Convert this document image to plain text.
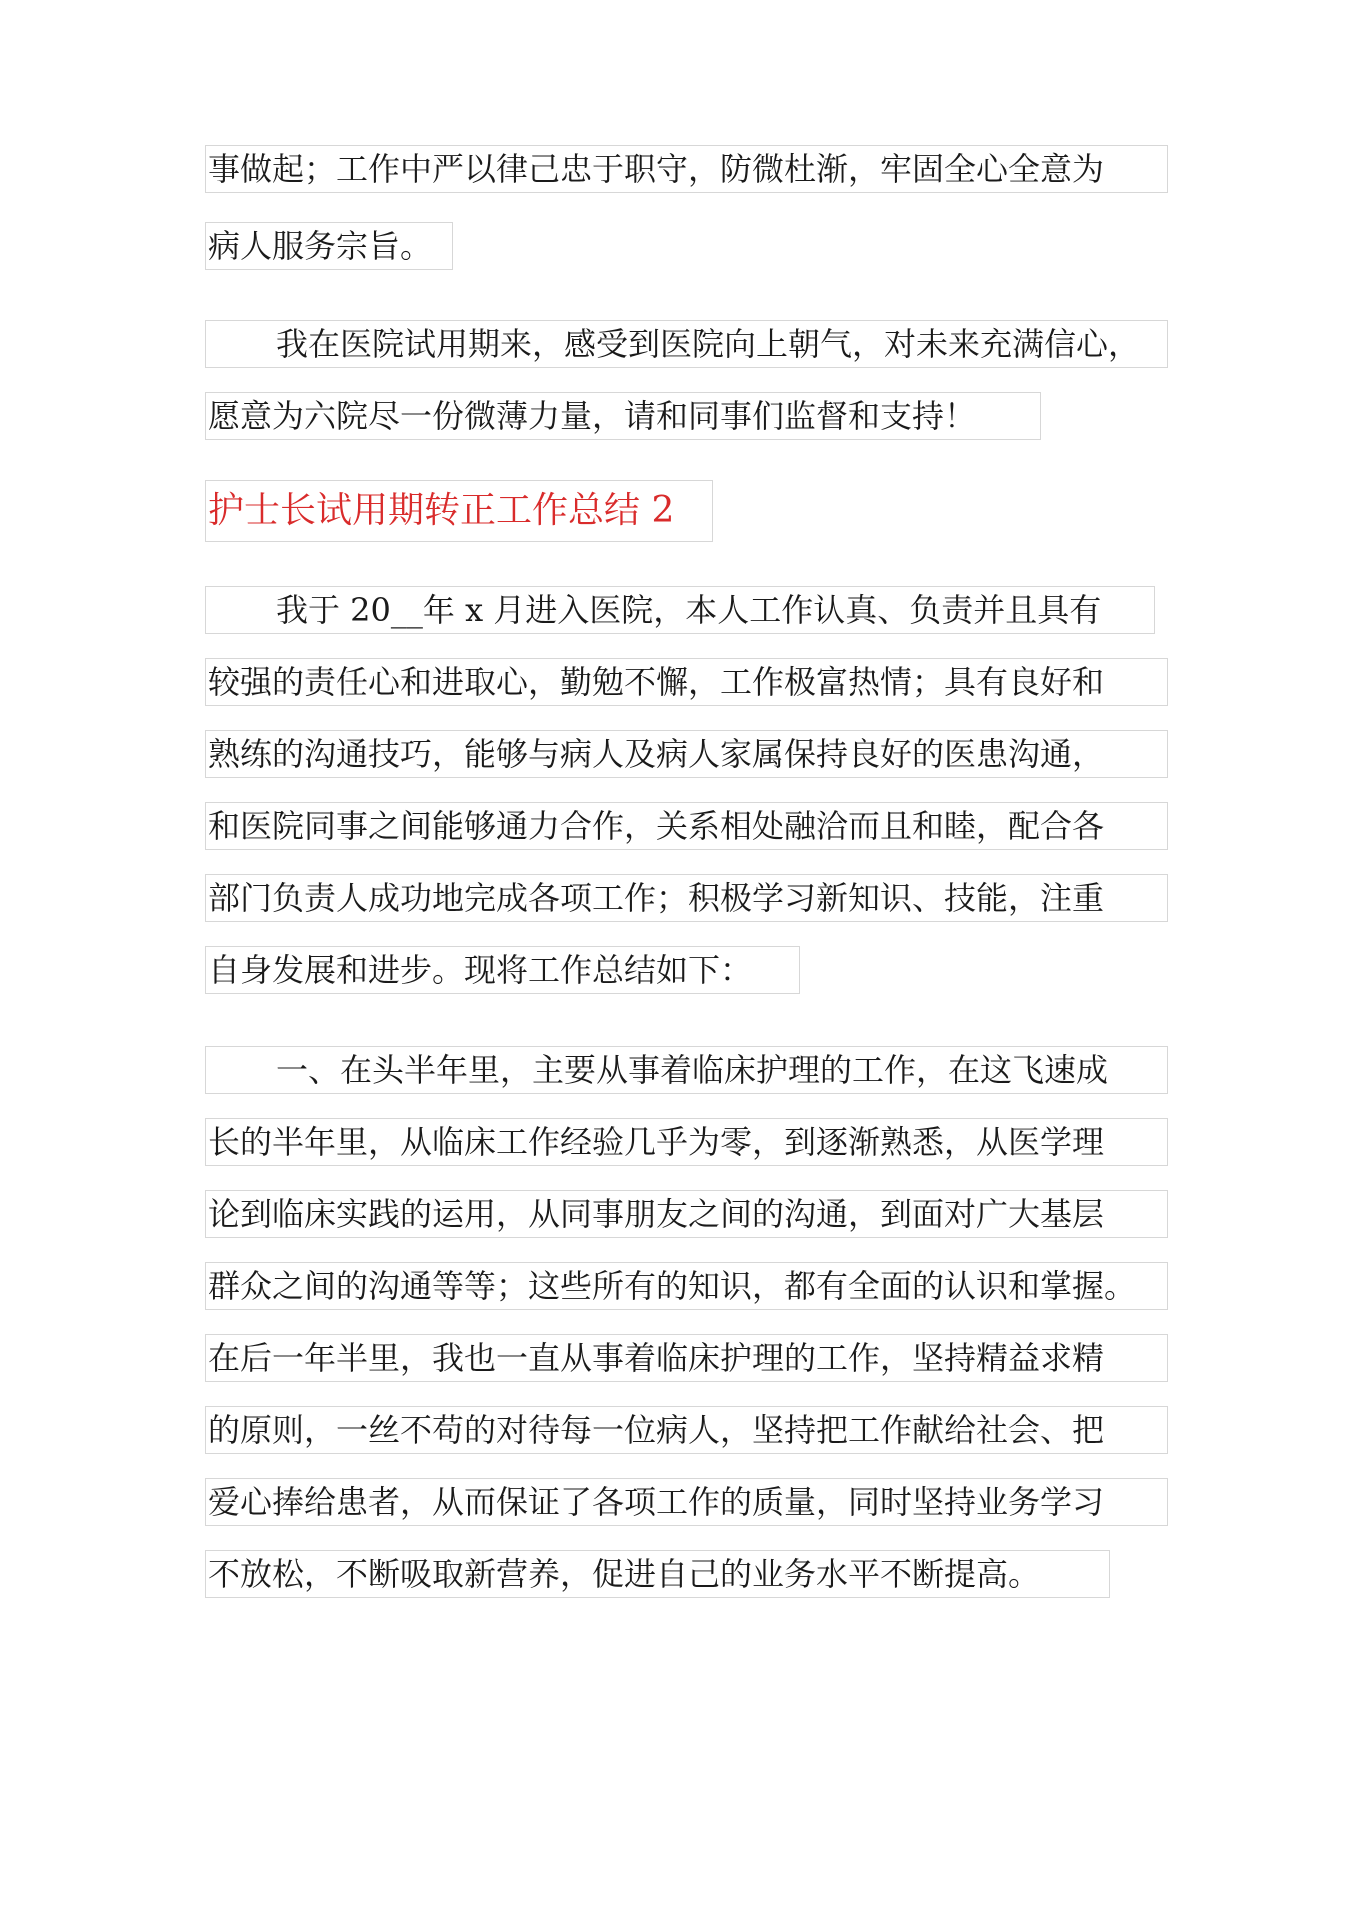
事做起；工作中严以律己忠于职守，防微杜渐，牢固全心全意为
病人服务宗旨。
我在医院试用期来，感受到医院向上朝气，对未来充满信心，
愿意为六院尽一份微薄力量，请和同事们监督和支持！
护士长试用期转正工作总结 2
我于 20__年 x 月进入医院，本人工作认真、负责并且具有
较强的责任心和进取心，勤勉不懈，工作极富热情；具有良好和
熟练的沟通技巧，能够与病人及病人家属保持良好的医患沟通，
和医院同事之间能够通力合作，关系相处融洽而且和睦，配合各
部门负责人成功地完成各项工作；积极学习新知识、技能，注重
自身发展和进步。现将工作总结如下：
一、在头半年里，主要从事着临床护理的工作，在这飞速成
长的半年里，从临床工作经验几乎为零，到逐渐熟悉，从医学理
论到临床实践的运用，从同事朋友之间的沟通，到面对广大基层
群众之间的沟通等等；这些所有的知识，都有全面的认识和掌握。
在后一年半里，我也一直从事着临床护理的工作，坚持精益求精
的原则，一丝不苟的对待每一位病人，坚持把工作献给社会、把
爱心捧给患者，从而保证了各项工作的质量，同时坚持业务学习
不放松，不断吸取新营养，促进自己的业务水平不断提高。
